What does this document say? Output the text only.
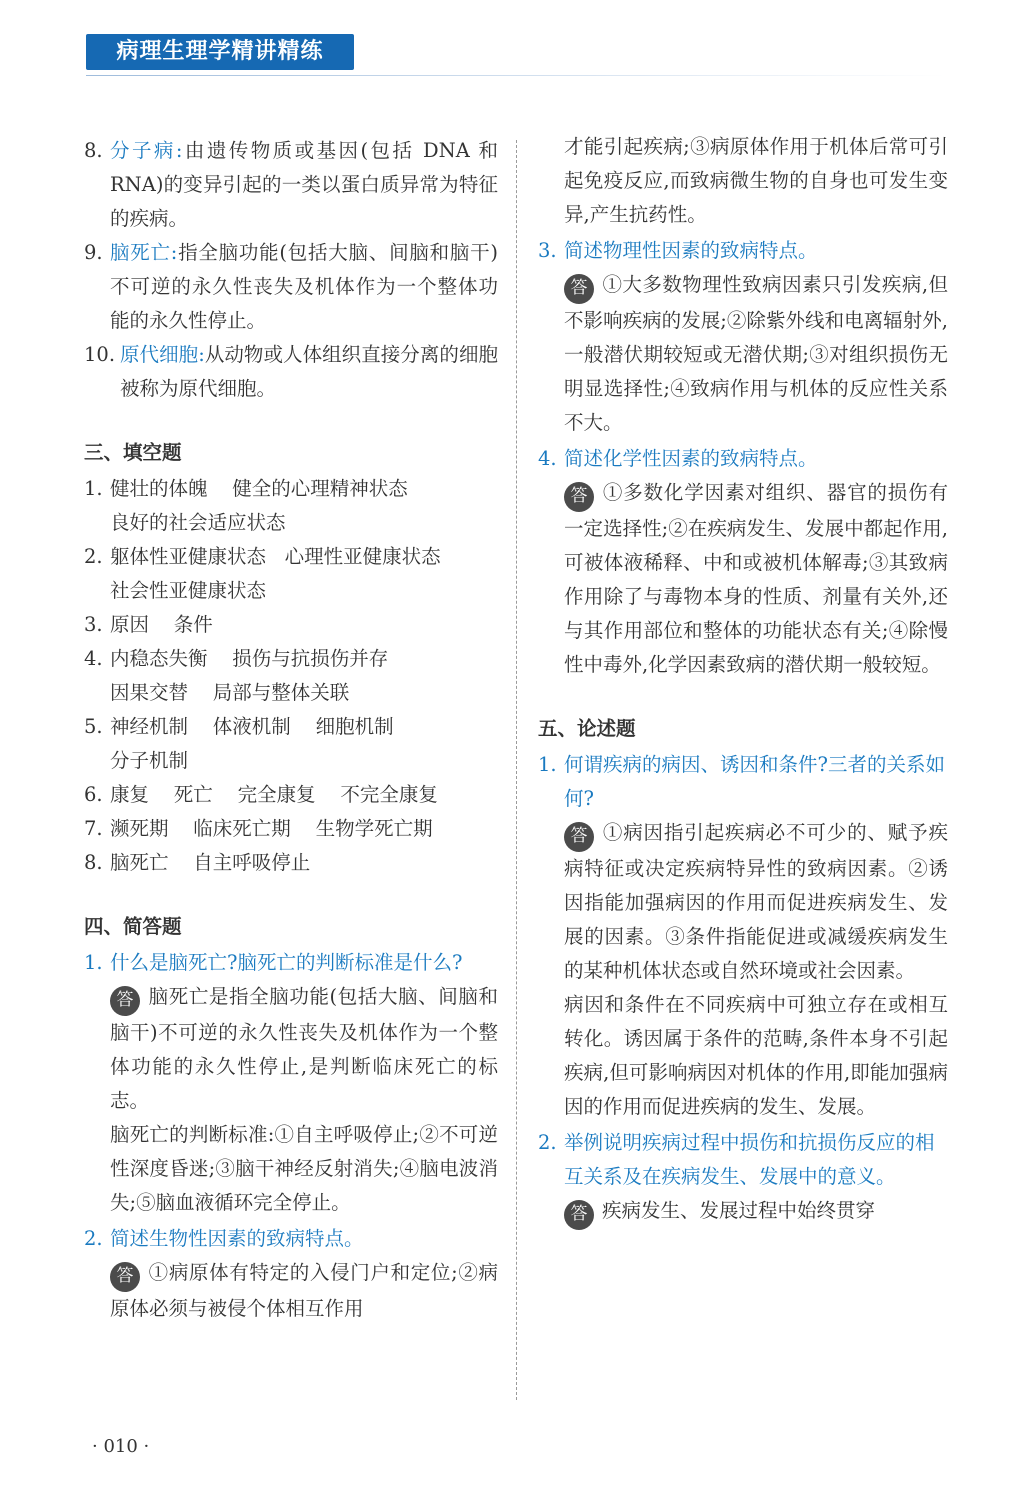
病理生理学精讲精练
8. 分子病:由遗传物质或基因(包括 DNA 和 RNA)的变异引起的一类以蛋白质异常为特征的疾病。
9. 脑死亡:指全脑功能(包括大脑、间脑和脑干)不可逆的永久性丧失及机体作为一个整体功能的永久性停止。
10. 原代细胞:从动物或人体组织直接分离的细胞被称为原代细胞。
三、填空题
1. 健壮的体魄    健全的心理精神状态
良好的社会适应状态
2. 躯体性亚健康状态   心理性亚健康状态
社会性亚健康状态
3. 原因    条件
4. 内稳态失衡    损伤与抗损伤并存
因果交替    局部与整体关联
5. 神经机制    体液机制    细胞机制
分子机制
6. 康复    死亡    完全康复    不完全康复
7. 濒死期    临床死亡期    生物学死亡期
8. 脑死亡    自主呼吸停止
四、简答题
1. 什么是脑死亡?脑死亡的判断标准是什么?
答 脑死亡是指全脑功能(包括大脑、间脑和脑干)不可逆的永久性丧失及机体作为一个整体功能的永久性停止,是判断临床死亡的标志。
脑死亡的判断标准:①自主呼吸停止;②不可逆性深度昏迷;③脑干神经反射消失;④脑电波消失;⑤脑血液循环完全停止。
2. 简述生物性因素的致病特点。
答 ①病原体有特定的入侵门户和定位;②病原体必须与被侵个体相互作用
才能引起疾病;③病原体作用于机体后常可引起免疫反应,而致病微生物的自身也可发生变异,产生抗药性。
3. 简述物理性因素的致病特点。
答 ①大多数物理性致病因素只引发疾病,但不影响疾病的发展;②除紫外线和电离辐射外,一般潜伏期较短或无潜伏期;③对组织损伤无明显选择性;④致病作用与机体的反应性关系不大。
4. 简述化学性因素的致病特点。
答 ①多数化学因素对组织、器官的损伤有一定选择性;②在疾病发生、发展中都起作用,可被体液稀释、中和或被机体解毒;③其致病作用除了与毒物本身的性质、剂量有关外,还与其作用部位和整体的功能状态有关;④除慢性中毒外,化学因素致病的潜伏期一般较短。
五、论述题
1. 何谓疾病的病因、诱因和条件?三者的关系如何?
答 ①病因指引起疾病必不可少的、赋予疾病特征或决定疾病特异性的致病因素。②诱因指能加强病因的作用而促进疾病发生、发展的因素。③条件指能促进或减缓疾病发生的某种机体状态或自然环境或社会因素。
病因和条件在不同疾病中可独立存在或相互转化。诱因属于条件的范畴,条件本身不引起疾病,但可影响病因对机体的作用,即能加强病因的作用而促进疾病的发生、发展。
2. 举例说明疾病过程中损伤和抗损伤反应的相互关系及在疾病发生、发展中的意义。
答 疾病发生、发展过程中始终贯穿
· 010 ·
